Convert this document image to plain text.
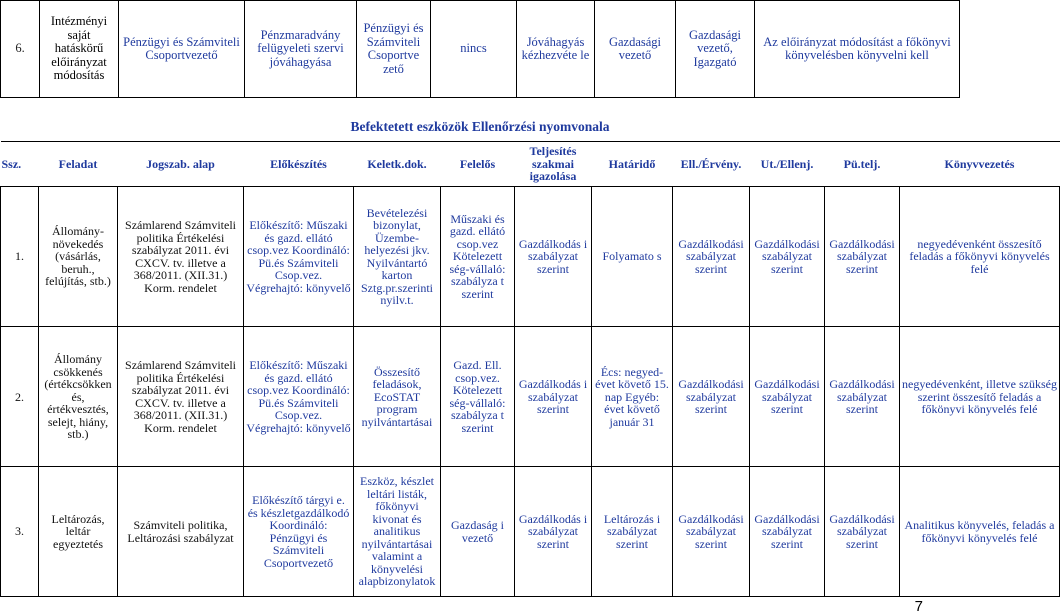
6.	Intézményi saját hatáskörű előirányzat módosítás	Pénzügyi és Számviteli Csoportvezető	Pénzmaradvány felügyeleti szervi jóváhagyása	Pénzügyi és Számviteli Csoportve zető	nincs	Jóváhagyás kézhezvéte le	Gazdasági vezető	Gazdasági vezető, Igazgató	Az előirányzat módosítást a főkönyvi könyvelésben könyvelni kell
Befektetett eszközök Ellenőrzési nyomvonala
Ssz.	Feladat	Jogszab. alap	Előkészítés	Keletk.dok.	Felelős	Teljesítés szakmai igazolása	Határidő	Ell./Érvény.	Ut./Ellenj.	Pü.telj.	Könyvvezetés
1.	Állomány-növekedés (vásárlás, beruh., felújítás, stb.)	Számlarend Számviteli politika Értékelési szabályzat 2011. évi CXCV. tv. illetve a 368/2011. (XII.31.) Korm. rendelet	Előkészítő: Műszaki és gazd. ellátó csop.vez Koordináló: Pü.és Számviteli Csop.vez. Végrehajtó: könyvelő	Bevételezési bizonylat, Üzembe-helyezési jkv. Nyilvántartó karton Sztg.pr.szerinti nyilv.t.	Műszaki és gazd. ellátó csop.vez Kötelezett ség-vállaló: szabályza t szerint	Gazdálkodás i szabályzat szerint	Folyamato s	Gazdálkodási szabályzat szerint	Gazdálkodási szabályzat szerint	Gazdálkodási szabályzat szerint	negyedévenként összesítő feladás a főkönyvi könyvelés felé
2.	Állomány csökkenés (értékcsökken és, értékvesztés, selejt, hiány, stb.)	Számlarend Számviteli politika Értékelési szabályzat 2011. évi CXCV. tv. illetve a 368/2011. (XII.31.) Korm. rendelet	Előkészítő: Műszaki és gazd. ellátó csop.vez Koordináló: Pü.és Számviteli Csop.vez. Végrehajtó: könyvelő	Összesítő feladások, EcoSTAT program nyilvántartásai	Gazd. Ell. csop.vez. Kötelezett ség-vállaló: szabályza t szerint	Gazdálkodás i szabályzat szerint	Écs: negyed-évet követő 15. nap Egyéb: évet követő január 31	Gazdálkodási szabályzat szerint	Gazdálkodási szabályzat szerint	Gazdálkodási szabályzat szerint	negyedévenként, illetve szükség szerint összesítő feladás a főkönyvi könyvelés felé
3.	Leltározás, leltár egyeztetés	Számviteli politika, Leltározási szabályzat	Előkészítő tárgyi e. és készletgazdálkodó Koordináló: Pénzügyi és Számviteli Csoportvezető	Eszköz, készlet leltári listák, főkönyvi kivonat és analitikus nyilvántartásai valamint a könyvelési alapbizonylatok	Gazdaság i vezető	Gazdálkodás i szabályzat szerint	Leltározás i szabályzat szerint	Gazdálkodási szabályzat szerint	Gazdálkodási szabályzat szerint	Gazdálkodási szabályzat szerint	Analitikus könyvelés, feladás a főkönyvi könyvelés felé
7
